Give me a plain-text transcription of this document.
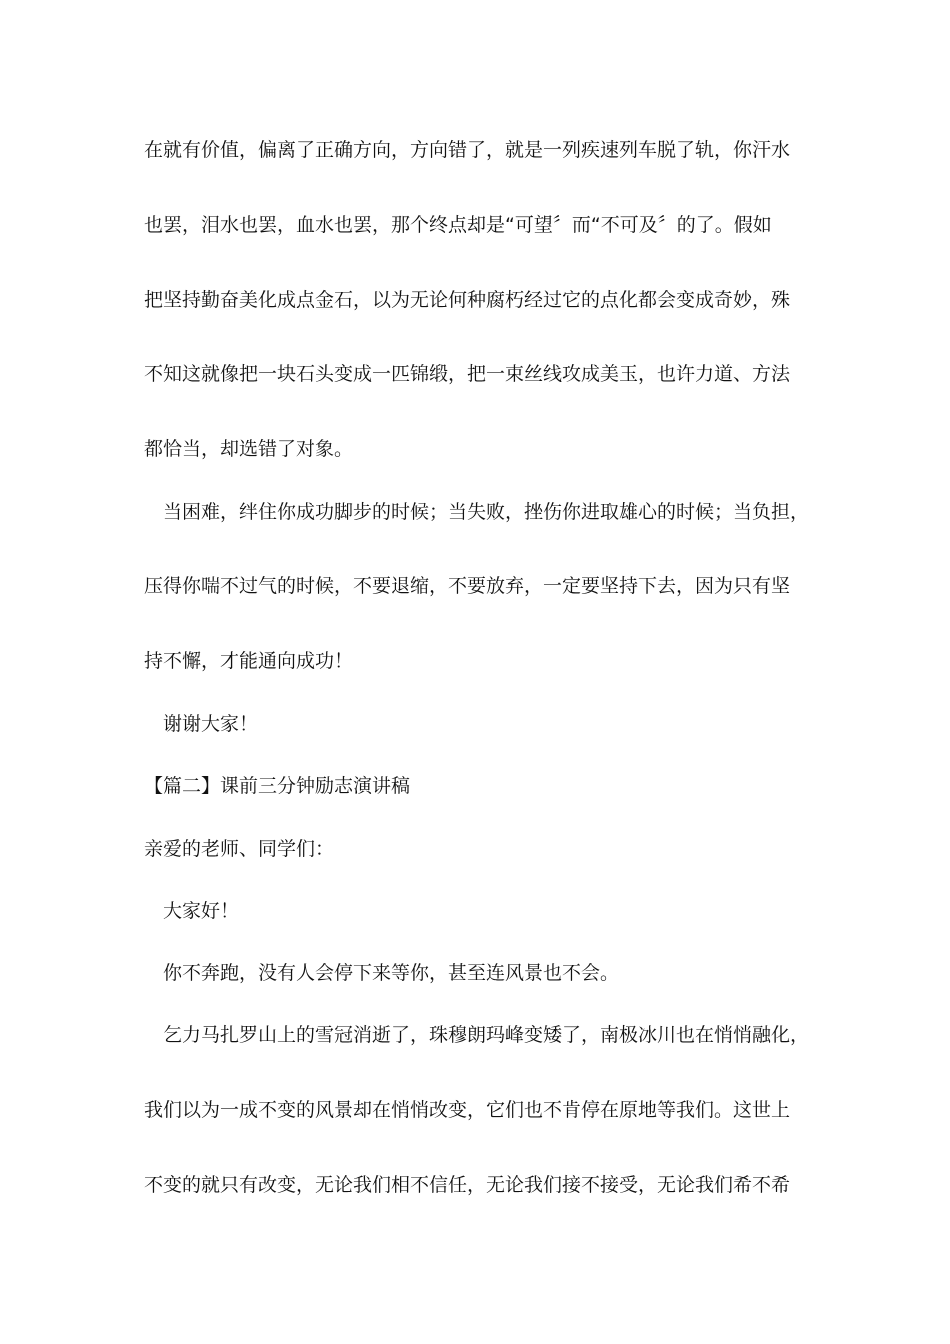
在就有价值，偏离了正确方向，方向错了，就是一列疾速列车脱了轨，你汗水
也罢，泪水也罢，血水也罢，那个终点却是“可望〞而“不可及〞的了。假如
把坚持勤奋美化成点金石，以为无论何种腐朽经过它的点化都会变成奇妙，殊
不知这就像把一块石头变成一匹锦缎，把一束丝线攻成美玉，也许力道、方法
都恰当，却选错了对象。
　当困难，绊住你成功脚步的时候；当失败，挫伤你进取雄心的时候；当负担，
压得你喘不过气的时候，不要退缩，不要放弃，一定要坚持下去，因为只有坚
持不懈，才能通向成功！
　谢谢大家！
【篇二】课前三分钟励志演讲稿
亲爱的老师、同学们：
　大家好！
　你不奔跑，没有人会停下来等你，甚至连风景也不会。
　乞力马扎罗山上的雪冠消逝了，珠穆朗玛峰变矮了，南极冰川也在悄悄融化，
我们以为一成不变的风景却在悄悄改变，它们也不肯停在原地等我们。这世上
不变的就只有改变，无论我们相不信任，无论我们接不接受，无论我们希不希
